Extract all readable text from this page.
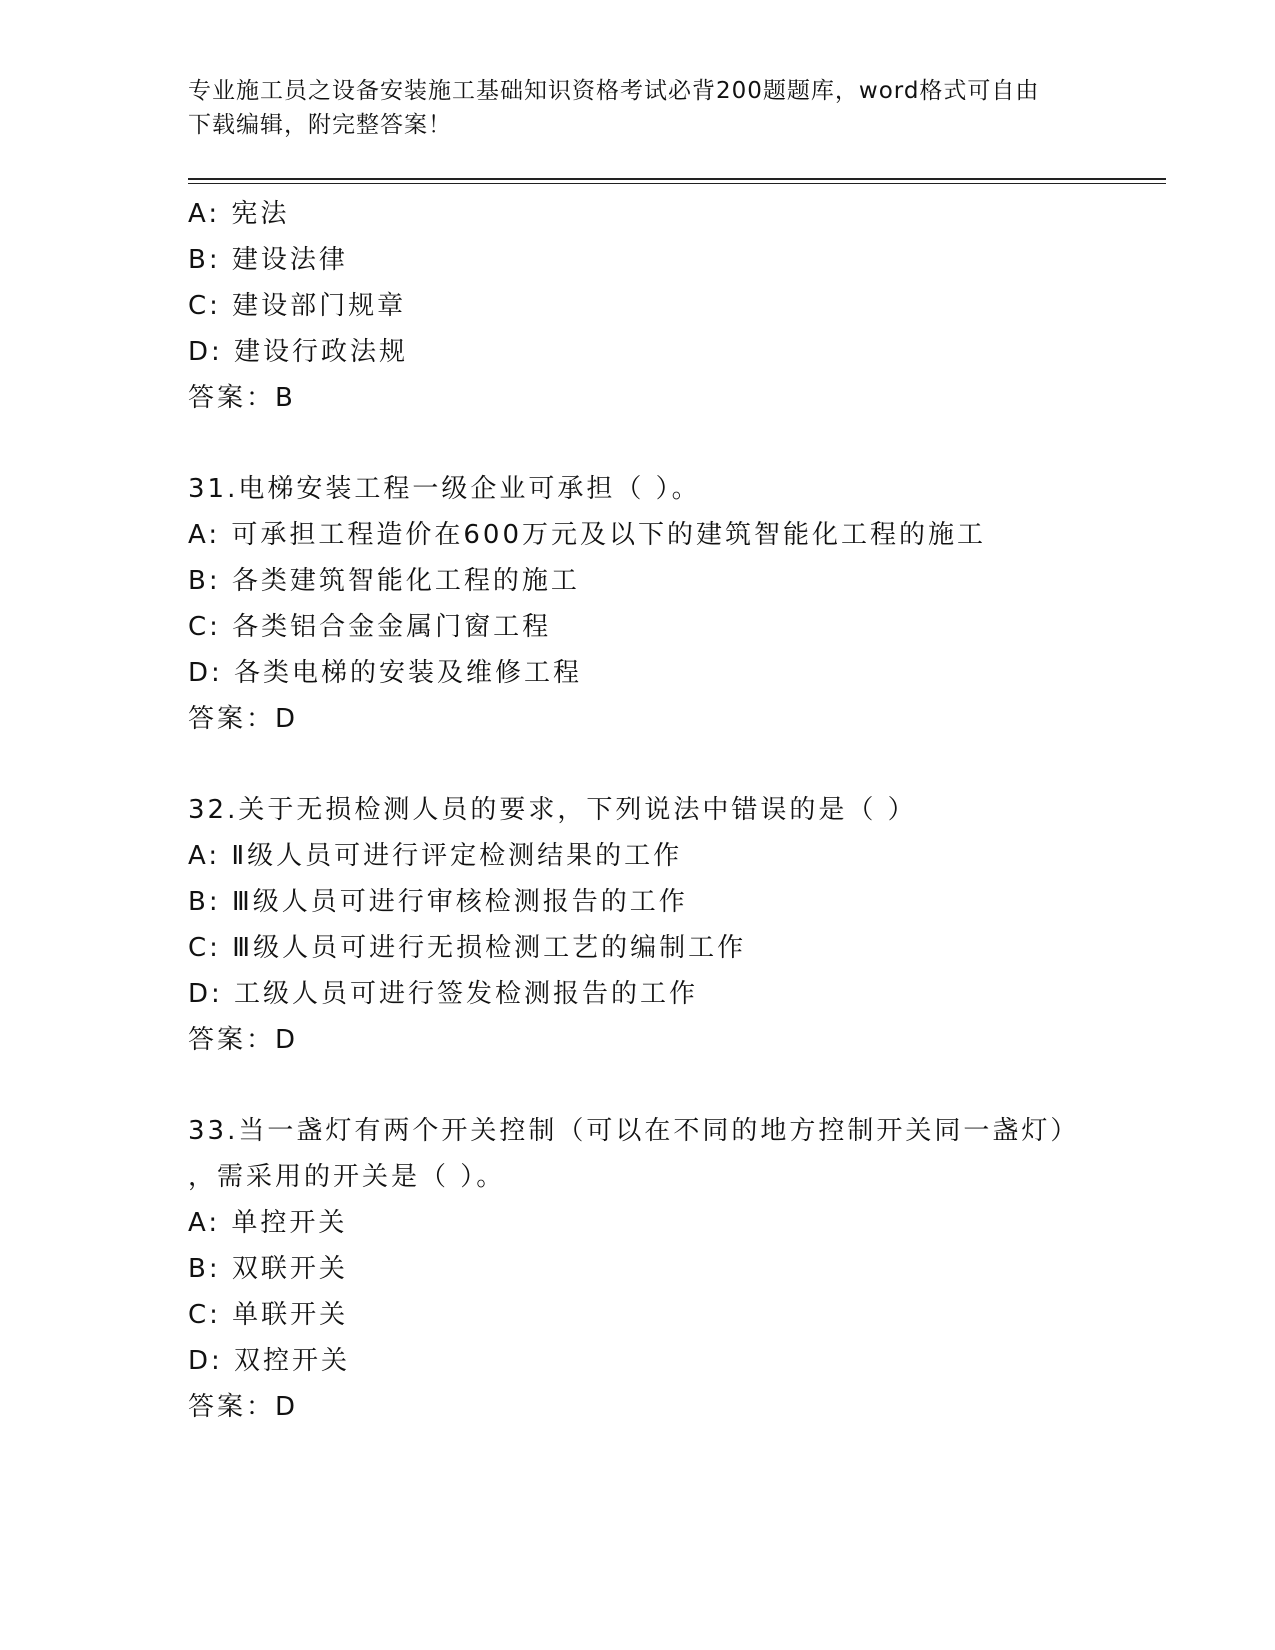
专业施工员之设备安装施工基础知识资格考试必背200题题库，word格式可自由
下载编辑，附完整答案！
A: 宪法
B: 建设法律
C: 建设部门规章
D: 建设行政法规
答案：B
31.电梯安装工程一级企业可承担（ ）。
A: 可承担工程造价在600万元及以下的建筑智能化工程的施工
B: 各类建筑智能化工程的施工
C: 各类铝合金金属门窗工程
D: 各类电梯的安装及维修工程
答案：D
32.关于无损检测人员的要求，下列说法中错误的是（ ）
A: Ⅱ级人员可进行评定检测结果的工作
B: Ⅲ级人员可进行审核检测报告的工作
C: Ⅲ级人员可进行无损检测工艺的编制工作
D: 工级人员可进行签发检测报告的工作
答案：D
33.当一盏灯有两个开关控制（可以在不同的地方控制开关同一盏灯）
，需采用的开关是（ ）。
A: 单控开关
B: 双联开关
C: 单联开关
D: 双控开关
答案：D
